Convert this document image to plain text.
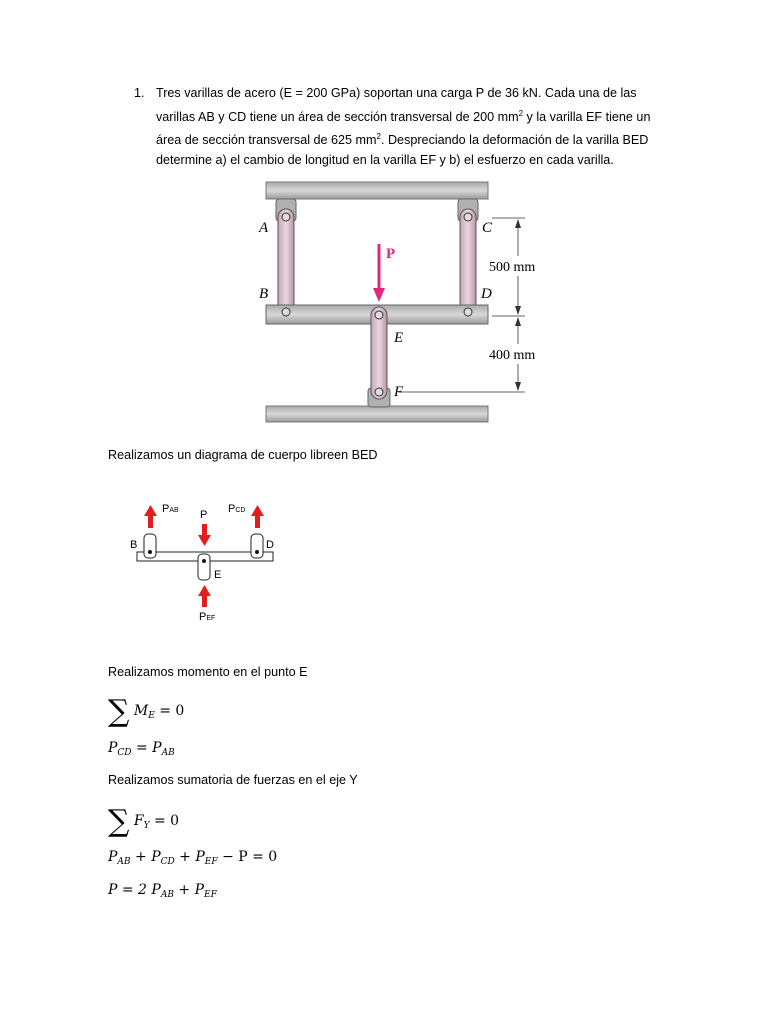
1. Tres varillas de acero (E = 200 GPa) soportan una carga P de 36 kN. Cada una de las
varillas AB y CD tiene un área de sección transversal de 200 $mm^2$ y la varilla EF tiene un
área de sección transversal de 625 $mm^2$. Despreciando la deformación de la varilla BED
determine a) el cambio de longitud en la varilla EF y b) el esfuerzo en cada varilla.
P
A
B
C
D
E
F
500 mm
400 mm
Realizamos un diagrama de cuerpo libreen BED
PAB P PCD
B	D
E
PEF
Realizamos momento en el punto E
∑ $M_E = 0$
$P_{CD} = P_{AB}$
Realizamos sumatoria de fuerzas en el eje Y
∑ $F_Y = 0$
$P_{AB} + P_{CD} + P_{EF} - P = 0$
P = 2 $P_{AB} + P_{EF}$
